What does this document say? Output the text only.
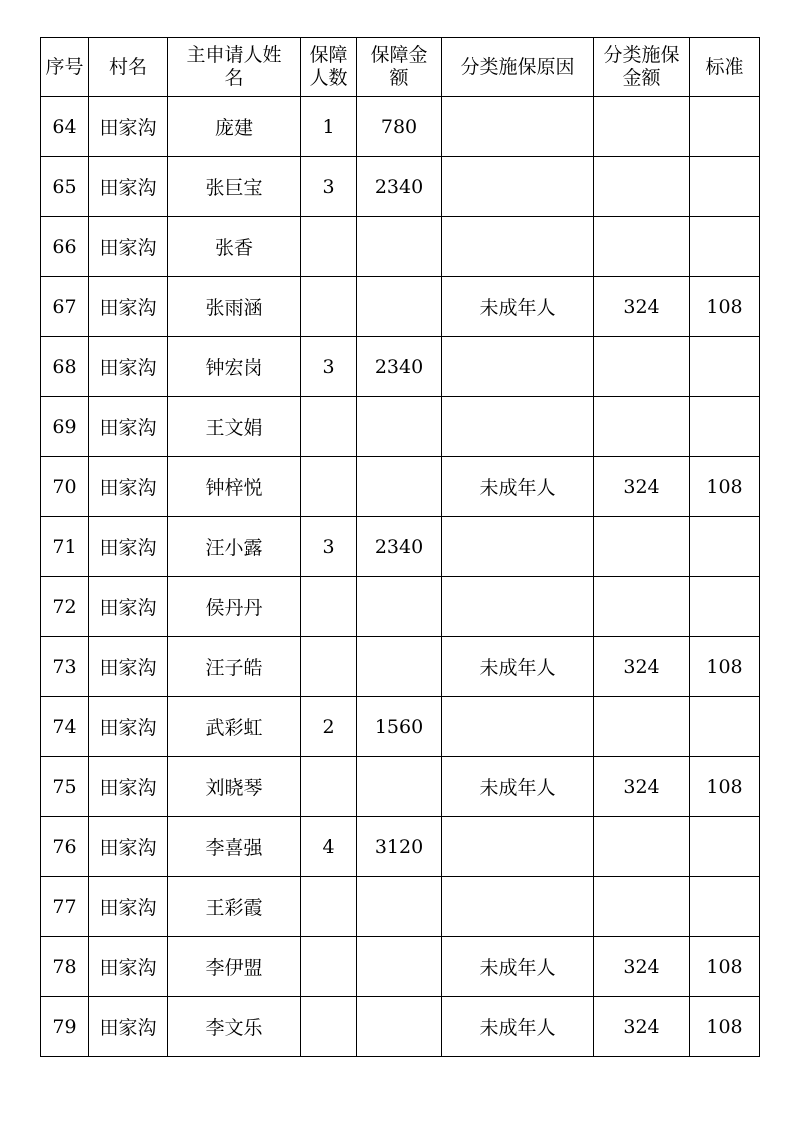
序号	村名	主申请人姓名	保障人数	保障金额	分类施保原因	分类施保金额	标准
64	田家沟	庞建	1	780			
65	田家沟	张巨宝	3	2340			
66	田家沟	张香					
67	田家沟	张雨涵			未成年人	324	108
68	田家沟	钟宏岗	3	2340			
69	田家沟	王文娟					
70	田家沟	钟梓悦			未成年人	324	108
71	田家沟	汪小露	3	2340			
72	田家沟	侯丹丹					
73	田家沟	汪子皓			未成年人	324	108
74	田家沟	武彩虹	2	1560			
75	田家沟	刘晓琴			未成年人	324	108
76	田家沟	李喜强	4	3120			
77	田家沟	王彩霞					
78	田家沟	李伊盟			未成年人	324	108
79	田家沟	李文乐			未成年人	324	108
